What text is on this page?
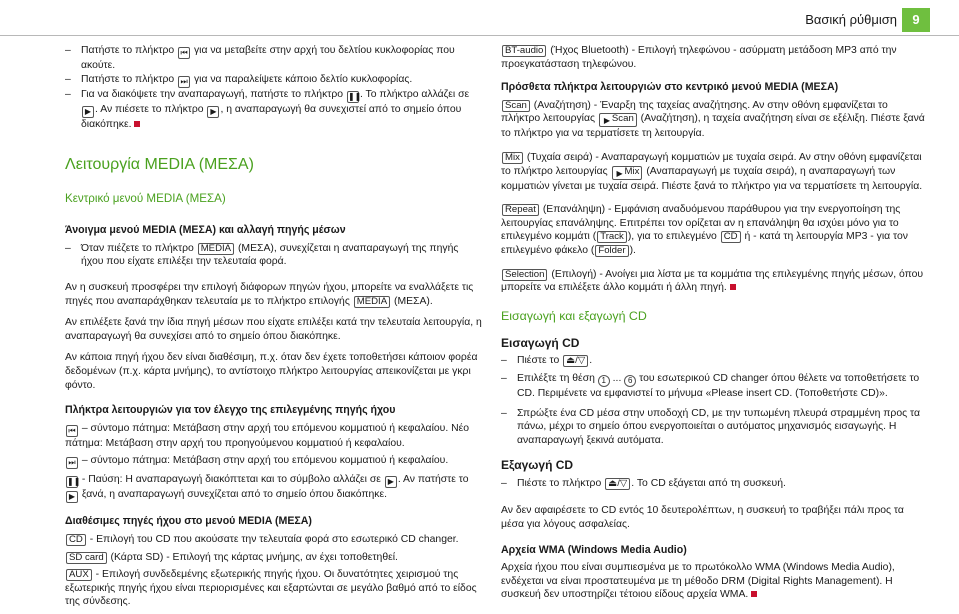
Βασική ρύθμιση	9

– Πατήστε το πλήκτρο ⏮ για να μεταβείτε στην αρχή του δελτίου κυκλοφορίας που ακούτε.

– Πατήστε το πλήκτρο ⏭ για να παραλείψετε κάποιο δελτίο κυκλοφορίας.

– Για να διακόψετε την αναπαραγωγή, πατήστε το πλήκτρο ❚❚. Το πλήκτρο αλλάζει σε ▶ . Αν πιέσετε το πλήκτρο ▶ , η αναπαραγωγή θα συνεχιστεί από το σημείο όπου διακόπηκε.

Λειτουργία MEDIA (ΜΕΣΑ)
Κεντρικό μενού MEDIA (ΜΕΣΑ)

Άνοιγμα μενού MEDIA (ΜΕΣΑ) και αλλαγή πηγής μέσων

– Όταν πιέζετε το πλήκτρο MEDIA (ΜΕΣΑ), συνεχίζεται η αναπαραγωγή της πηγής ήχου που είχατε επιλέξει την τελευταία φορά.

Αν η συσκευή προσφέρει την επιλογή διάφορων πηγών ήχου, μπορείτε να εναλλάξετε τις πηγές που αναπαράχθηκαν τελευταία με το πλήκτρο επιλογής MEDIA (ΜΕΣΑ).

Αν επιλέξετε ξανά την ίδια πηγή μέσων που είχατε επιλέξει κατά την τελευταία λειτουργία, η αναπαραγωγή θα συνεχίσει από το σημείο όπου διακόπηκε.

Αν κάποια πηγή ήχου δεν είναι διαθέσιμη, π.χ. όταν δεν έχετε τοποθετήσει κάποιον φορέα δεδομένων (π.χ. κάρτα μνήμης), το αντίστοιχο πλήκτρο λειτουργίας απεικονίζεται με γκρι φόντο.

Πλήκτρα λειτουργιών για τον έλεγχο της επιλεγμένης πηγής ήχου

⏮ – σύντομο πάτημα: Μετάβαση στην αρχή του επόμενου κομματιού ή κεφαλαίου. Νέο πάτημα: Μετάβαση στην αρχή του προηγούμενου κομματιού ή κεφαλαίου.

⏭ – σύντομο πάτημα: Μετάβαση στην αρχή του επόμενου κομματιού ή κεφαλαίου.

❚❚ - Παύση: Η αναπαραγωγή διακόπτεται και το σύμβολο αλλάζει σε ▶ . Αν πατήστε το ▶ ξανά, η αναπαραγωγή συνεχίζεται από το σημείο όπου διακόπηκε.

Διαθέσιμες πηγές ήχου στο μενού MEDIA (ΜΕΣΑ)

CD - Επιλογή του CD που ακούσατε την τελευταία φορά στο εσωτερικό CD changer.

SD card (Κάρτα SD) - Επιλογή της κάρτας μνήμης, αν έχει τοποθετηθεί.

AUX - Επιλογή συνδεδεμένης εξωτερικής πηγής ήχου. Οι δυνατότητες χειρισμού της εξωτερικής πηγής ήχου είναι περιορισμένες και εξαρτώνται σε μεγάλο βαθμό από το είδος της σύνδεσης.

BT-audio (Ήχος Bluetooth) - Επιλογή τηλεφώνου - ασύρματη μετάδοση MP3 από την προεγκατάσταση τηλεφώνου.

Πρόσθετα πλήκτρα λειτουργιών στο κεντρικό μενού MEDIA (ΜΕΣΑ)

Scan (Αναζήτηση) - Έναρξη της ταχείας αναζήτησης. Αν στην οθόνη εμφανίζεται το πλήκτρο λειτουργίας ▶ Scan (Αναζήτηση), η ταχεία αναζήτηση είναι σε εξέλιξη. Πιέστε ξανά το πλήκτρο για να τερματίσετε τη λειτουργία.

Mix (Τυχαία σειρά) - Αναπαραγωγή κομματιών με τυχαία σειρά. Αν στην οθόνη εμφανίζεται το πλήκτρο λειτουργίας ▶ Mix (Αναπαραγωγή με τυχαία σειρά), η αναπαραγωγή των κομματιών γίνεται με τυχαία σειρά. Πιέστε ξανά το πλήκτρο για να τερματίσετε τη λειτουργία.

Repeat (Επανάληψη) - Εμφάνιση αναδυόμενου παράθυρου για την ενεργοποίηση της λειτουργίας επανάληψης. Επιτρέπει τον ορίζεται αν η επανάληψη θα ισχύει μόνο για το επιλεγμένο κομμάτι ( Track ), για το επιλεγμένο CD ή - κατά τη λειτουργία MP3 - για τον επιλεγμένο φάκελο ( Folder ).

Selection (Επιλογή) - Ανοίγει μια λίστα με τα κομμάτια της επιλεγμένης πηγής μέσων, όπου μπορείτε να επιλέξετε άλλο κομμάτι ή άλλη πηγή.

Εισαγωγή και εξαγωγή CD

Εισαγωγή CD

– Πιέστε το ⏏/▽ .

– Επιλέξτε τη θέση 1 ... 6 του εσωτερικού CD changer όπου θέλετε να τοποθετήσετε το CD. Περιμένετε να εμφανιστεί το μήνυμα «Please insert CD. (Τοποθετήστε CD)».

– Σπρώξτε ένα CD μέσα στην υποδοχή CD, με την τυπωμένη πλευρά στραμμένη προς τα πάνω, μέχρι το σημείο όπου ενεργοποιείται ο αυτόματος μηχανισμός εισαγωγής. Η αναπαραγωγή ξεκινά αυτόματα.

Εξαγωγή CD

– Πιέστε το πλήκτρο ⏏/▽ . Το CD εξάγεται από τη συσκευή.

Αν δεν αφαιρέσετε το CD εντός 10 δευτερολέπτων, η συσκευή το τραβήξει πάλι προς τα μέσα για λόγους ασφαλείας.

Αρχεία WMA (Windows Media Audio)

Αρχεία ήχου που είναι συμπιεσμένα με το πρωτόκολλο WMA (Windows Media Audio), ενδέχεται να είναι προστατευμένα με τη μέθοδο DRM (Digital Rights Management). Η συσκευή δεν υποστηρίζει τέτοιου είδους αρχεία WMA.
